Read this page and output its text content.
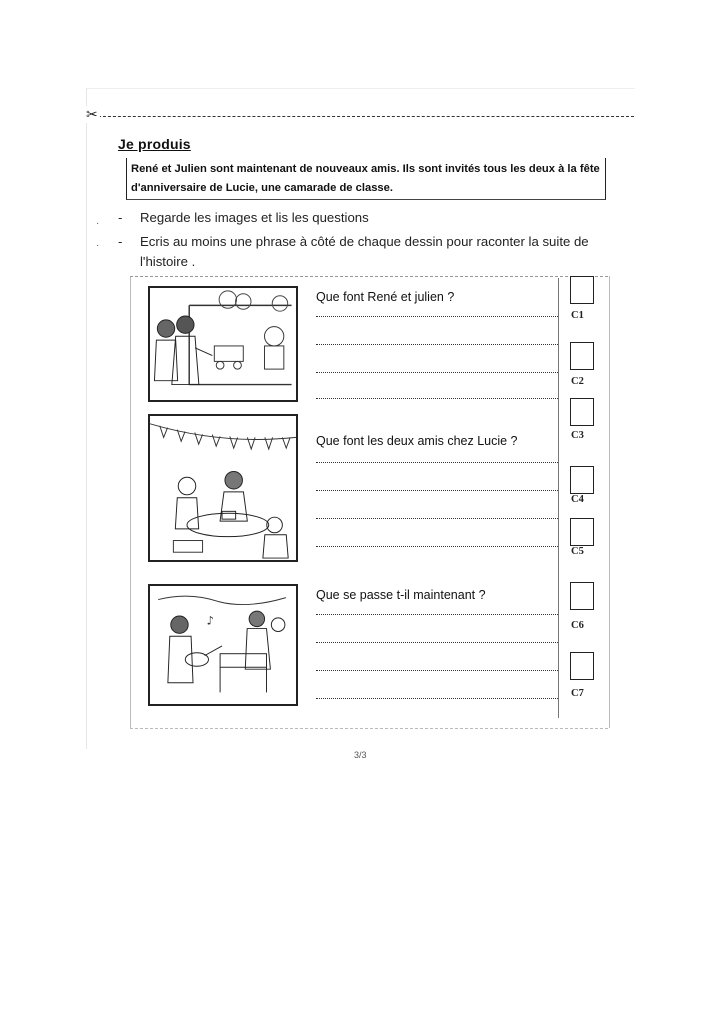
✂
Je produis
René et Julien sont maintenant de nouveaux amis. Ils sont invités tous les deux à la fête
d'anniversaire de Lucie, une camarade de classe.
· - Regarde les images et lis les questions
· - Ecris au moins une phrase à côté de chaque dessin pour raconter la suite de
l'histoire .
♪
Que font René et julien ?
Que font les deux amis chez Lucie ?
Que se passe t-il maintenant ?
C1
C2
C3
C4
C5
C6
C7
3/3
